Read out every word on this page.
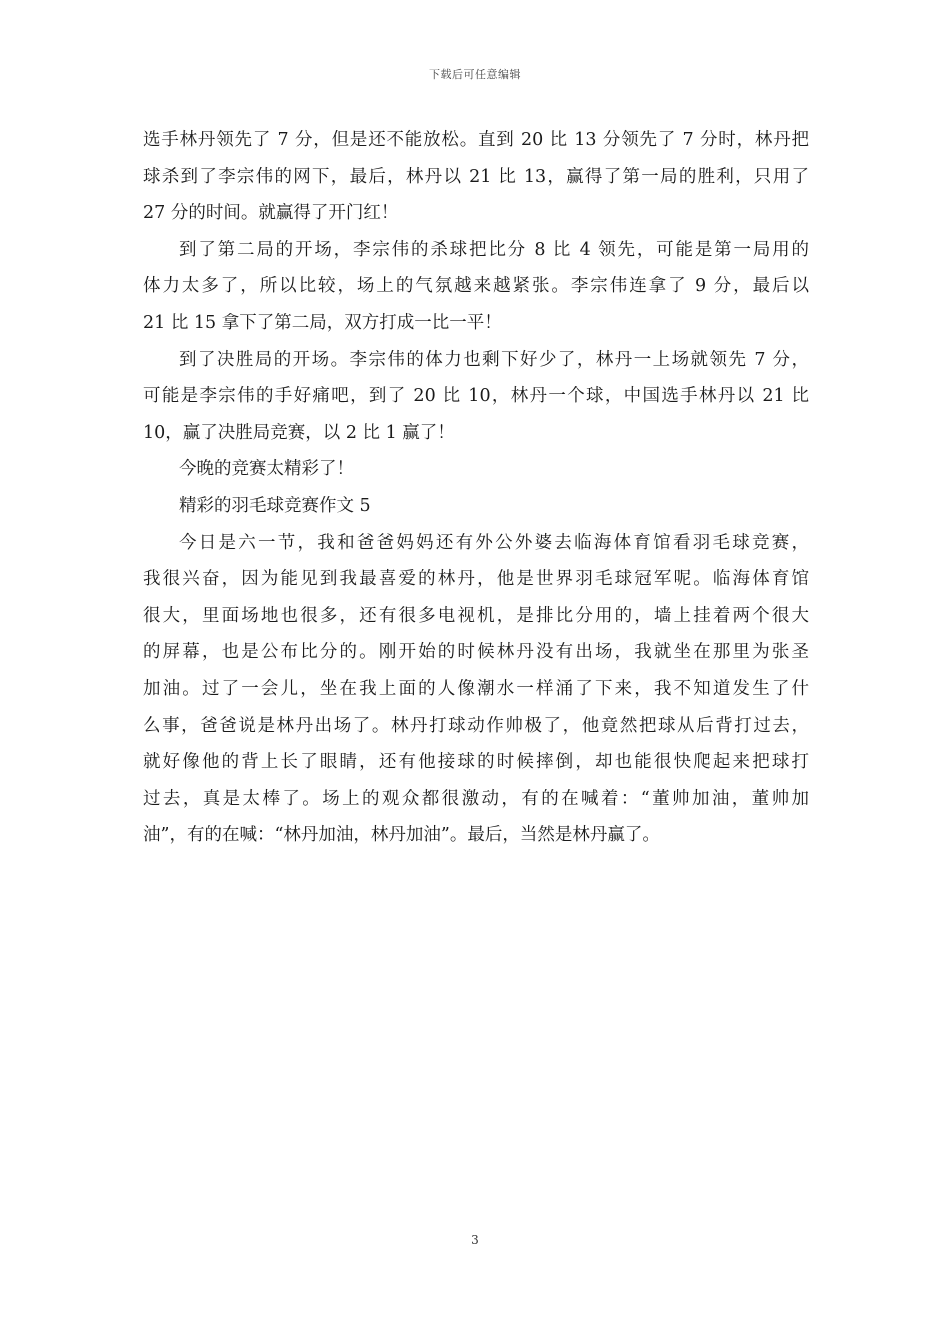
下载后可任意编辑
选手林丹领先了 7 分，但是还不能放松。直到 20 比 13 分领先了 7 分时，林丹把
球杀到了李宗伟的网下，最后，林丹以 21 比 13，赢得了第一局的胜利，只用了
27 分的时间。就赢得了开门红！
到了第二局的开场，李宗伟的杀球把比分 8 比 4 领先，可能是第一局用的
体力太多了，所以比较，场上的气氛越来越紧张。李宗伟连拿了 9 分，最后以
21 比 15 拿下了第二局，双方打成一比一平！
到了决胜局的开场。李宗伟的体力也剩下好少了，林丹一上场就领先 7 分，
可能是李宗伟的手好痛吧，到了 20 比 10，林丹一个球，中国选手林丹以 21 比
10，赢了决胜局竞赛，以 2 比 1 赢了！
今晚的竞赛太精彩了！
精彩的羽毛球竞赛作文 5
今日是六一节，我和爸爸妈妈还有外公外婆去临海体育馆看羽毛球竞赛，
我很兴奋，因为能见到我最喜爱的林丹，他是世界羽毛球冠军呢。临海体育馆
很大，里面场地也很多，还有很多电视机，是排比分用的，墙上挂着两个很大
的屏幕，也是公布比分的。刚开始的时候林丹没有出场，我就坐在那里为张圣
加油。过了一会儿，坐在我上面的人像潮水一样涌了下来，我不知道发生了什
么事，爸爸说是林丹出场了。林丹打球动作帅极了，他竟然把球从后背打过去，
就好像他的背上长了眼睛，还有他接球的时候摔倒，却也能很快爬起来把球打
过去，真是太棒了。场上的观众都很激动，有的在喊着：“董帅加油，董帅加
油”，有的在喊：“林丹加油，林丹加油”。最后，当然是林丹赢了。
3
